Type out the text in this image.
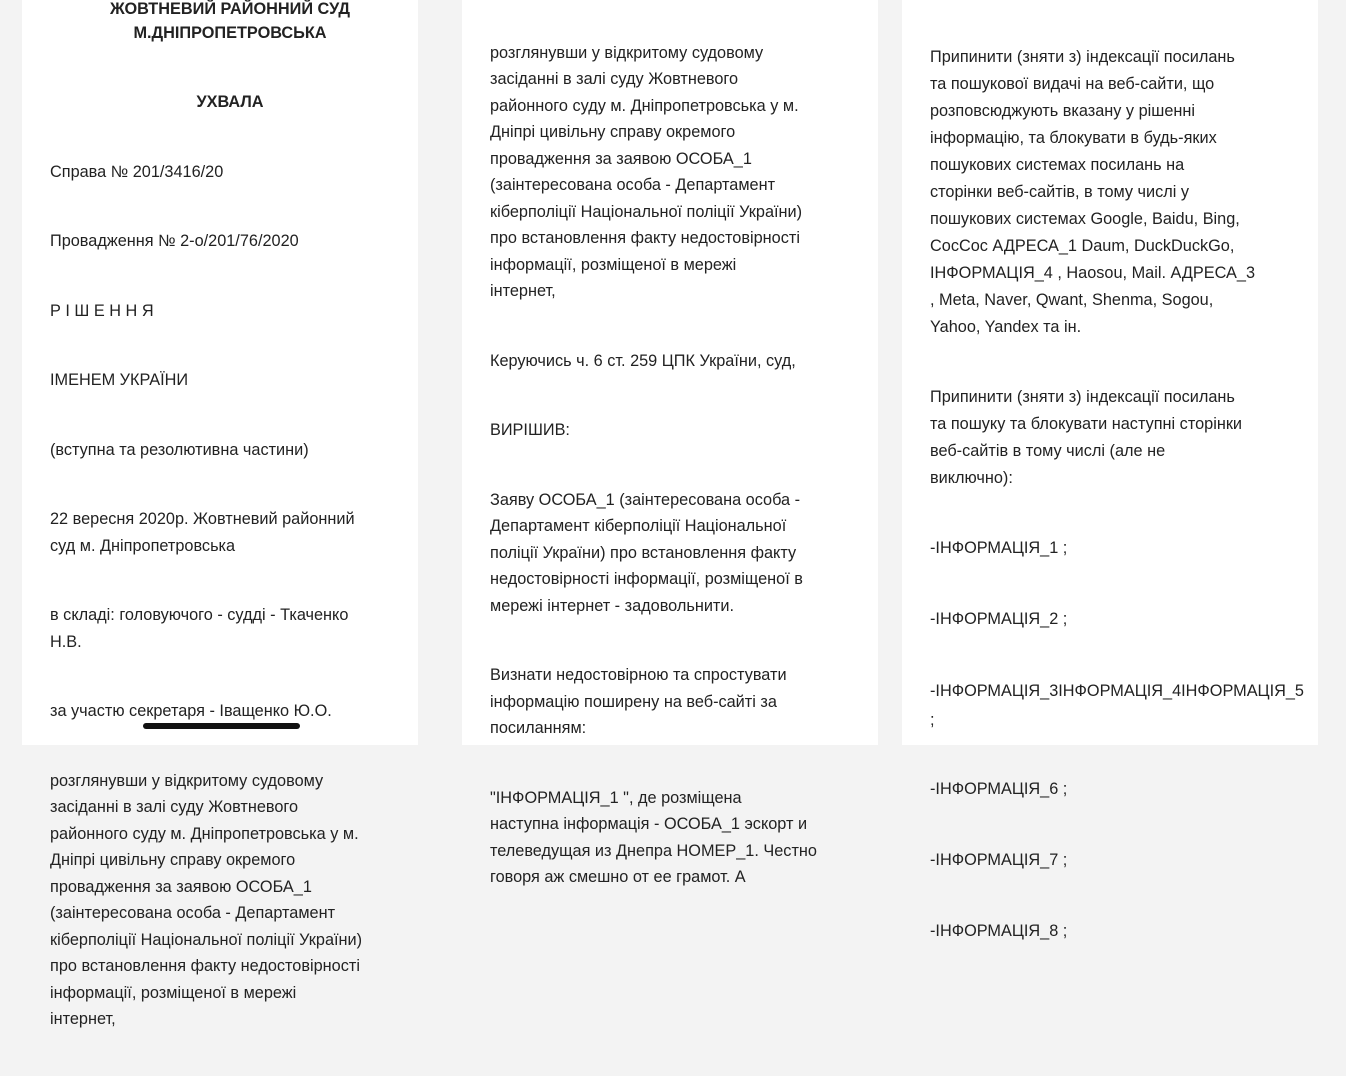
ЖОВТНЕВИЙ РАЙОННИЙ СУД
М.ДНІПРОПЕТРОВСЬКА

УХВАЛА

Справа № 201/3416/20

Провадження № 2-о/201/76/2020

Р І Ш Е Н Н Я

ІМЕНЕМ УКРАЇНИ

(вступна та резолютивна частини)

22 вересня 2020р. Жовтневий районний
суд м. Дніпропетровська

в складі: головуючого - судді - Ткаченко
Н.В.

за участю секретаря - Іващенко Ю.О.

розглянувши у відкритому судовому
засіданні в залі суду Жовтневого
районного суду м. Дніпропетровська у м.
Дніпрі цивільну справу окремого
провадження за заявою ОСОБА_1
(заінтересована особа - Департамент
кіберполіції Національної поліції України)
про встановлення факту недостовірності
інформації, розміщеної в мережі
інтернет,

розглянувши у відкритому судовому
засіданні в залі суду Жовтневого
районного суду м. Дніпропетровська у м.
Дніпрі цивільну справу окремого
провадження за заявою ОСОБА_1
(заінтересована особа - Департамент
кіберполіції Національної поліції України)
про встановлення факту недостовірності
інформації, розміщеної в мережі
інтернет,

Керуючись ч. 6 ст. 259 ЦПК України, суд,

ВИРІШИВ:

Заяву ОСОБА_1 (заінтересована особа -
Департамент кіберполіції Національної
поліції України) про встановлення факту
недостовірності інформації, розміщеної в
мережі інтернет - задовольнити.

Визнати недостовірною та спростувати
інформацію поширену на веб-сайті за
посиланням:

"ІНФОРМАЦІЯ_1 ", де розміщена
наступна інформація - ОСОБА_1 эскорт и
телеведущая из Днепра НОМЕР_1. Честно
говоря аж смешно от ее грамот. А

Припинити (зняти з) індексації посилань
та пошукової видачі на веб-сайти, що
розповсюджують вказану у рішенні
інформацію, та блокувати в будь-яких
пошукових системах посилань на
сторінки веб-сайтів, в тому числі у
пошукових системах Google, Baidu, Bing,
CocCoc АДРЕСА_1 Daum, DuckDuckGo,
ІНФОРМАЦІЯ_4 , Haosou, Mail. АДРЕСА_3
, Meta, Naver, Qwant, Shenma, Sogou,
Yahoo, Yandex та ін.

Припинити (зняти з) індексації посилань
та пошуку та блокувати наступні сторінки
веб-сайтів в тому числі (але не
виключно):

-ІНФОРМАЦІЯ_1 ;

-ІНФОРМАЦІЯ_2 ;

-ІНФОРМАЦІЯ_3ІНФОРМАЦІЯ_4ІНФОРМАЦІЯ_5
;

-ІНФОРМАЦІЯ_6 ;

-ІНФОРМАЦІЯ_7 ;

-ІНФОРМАЦІЯ_8 ;
